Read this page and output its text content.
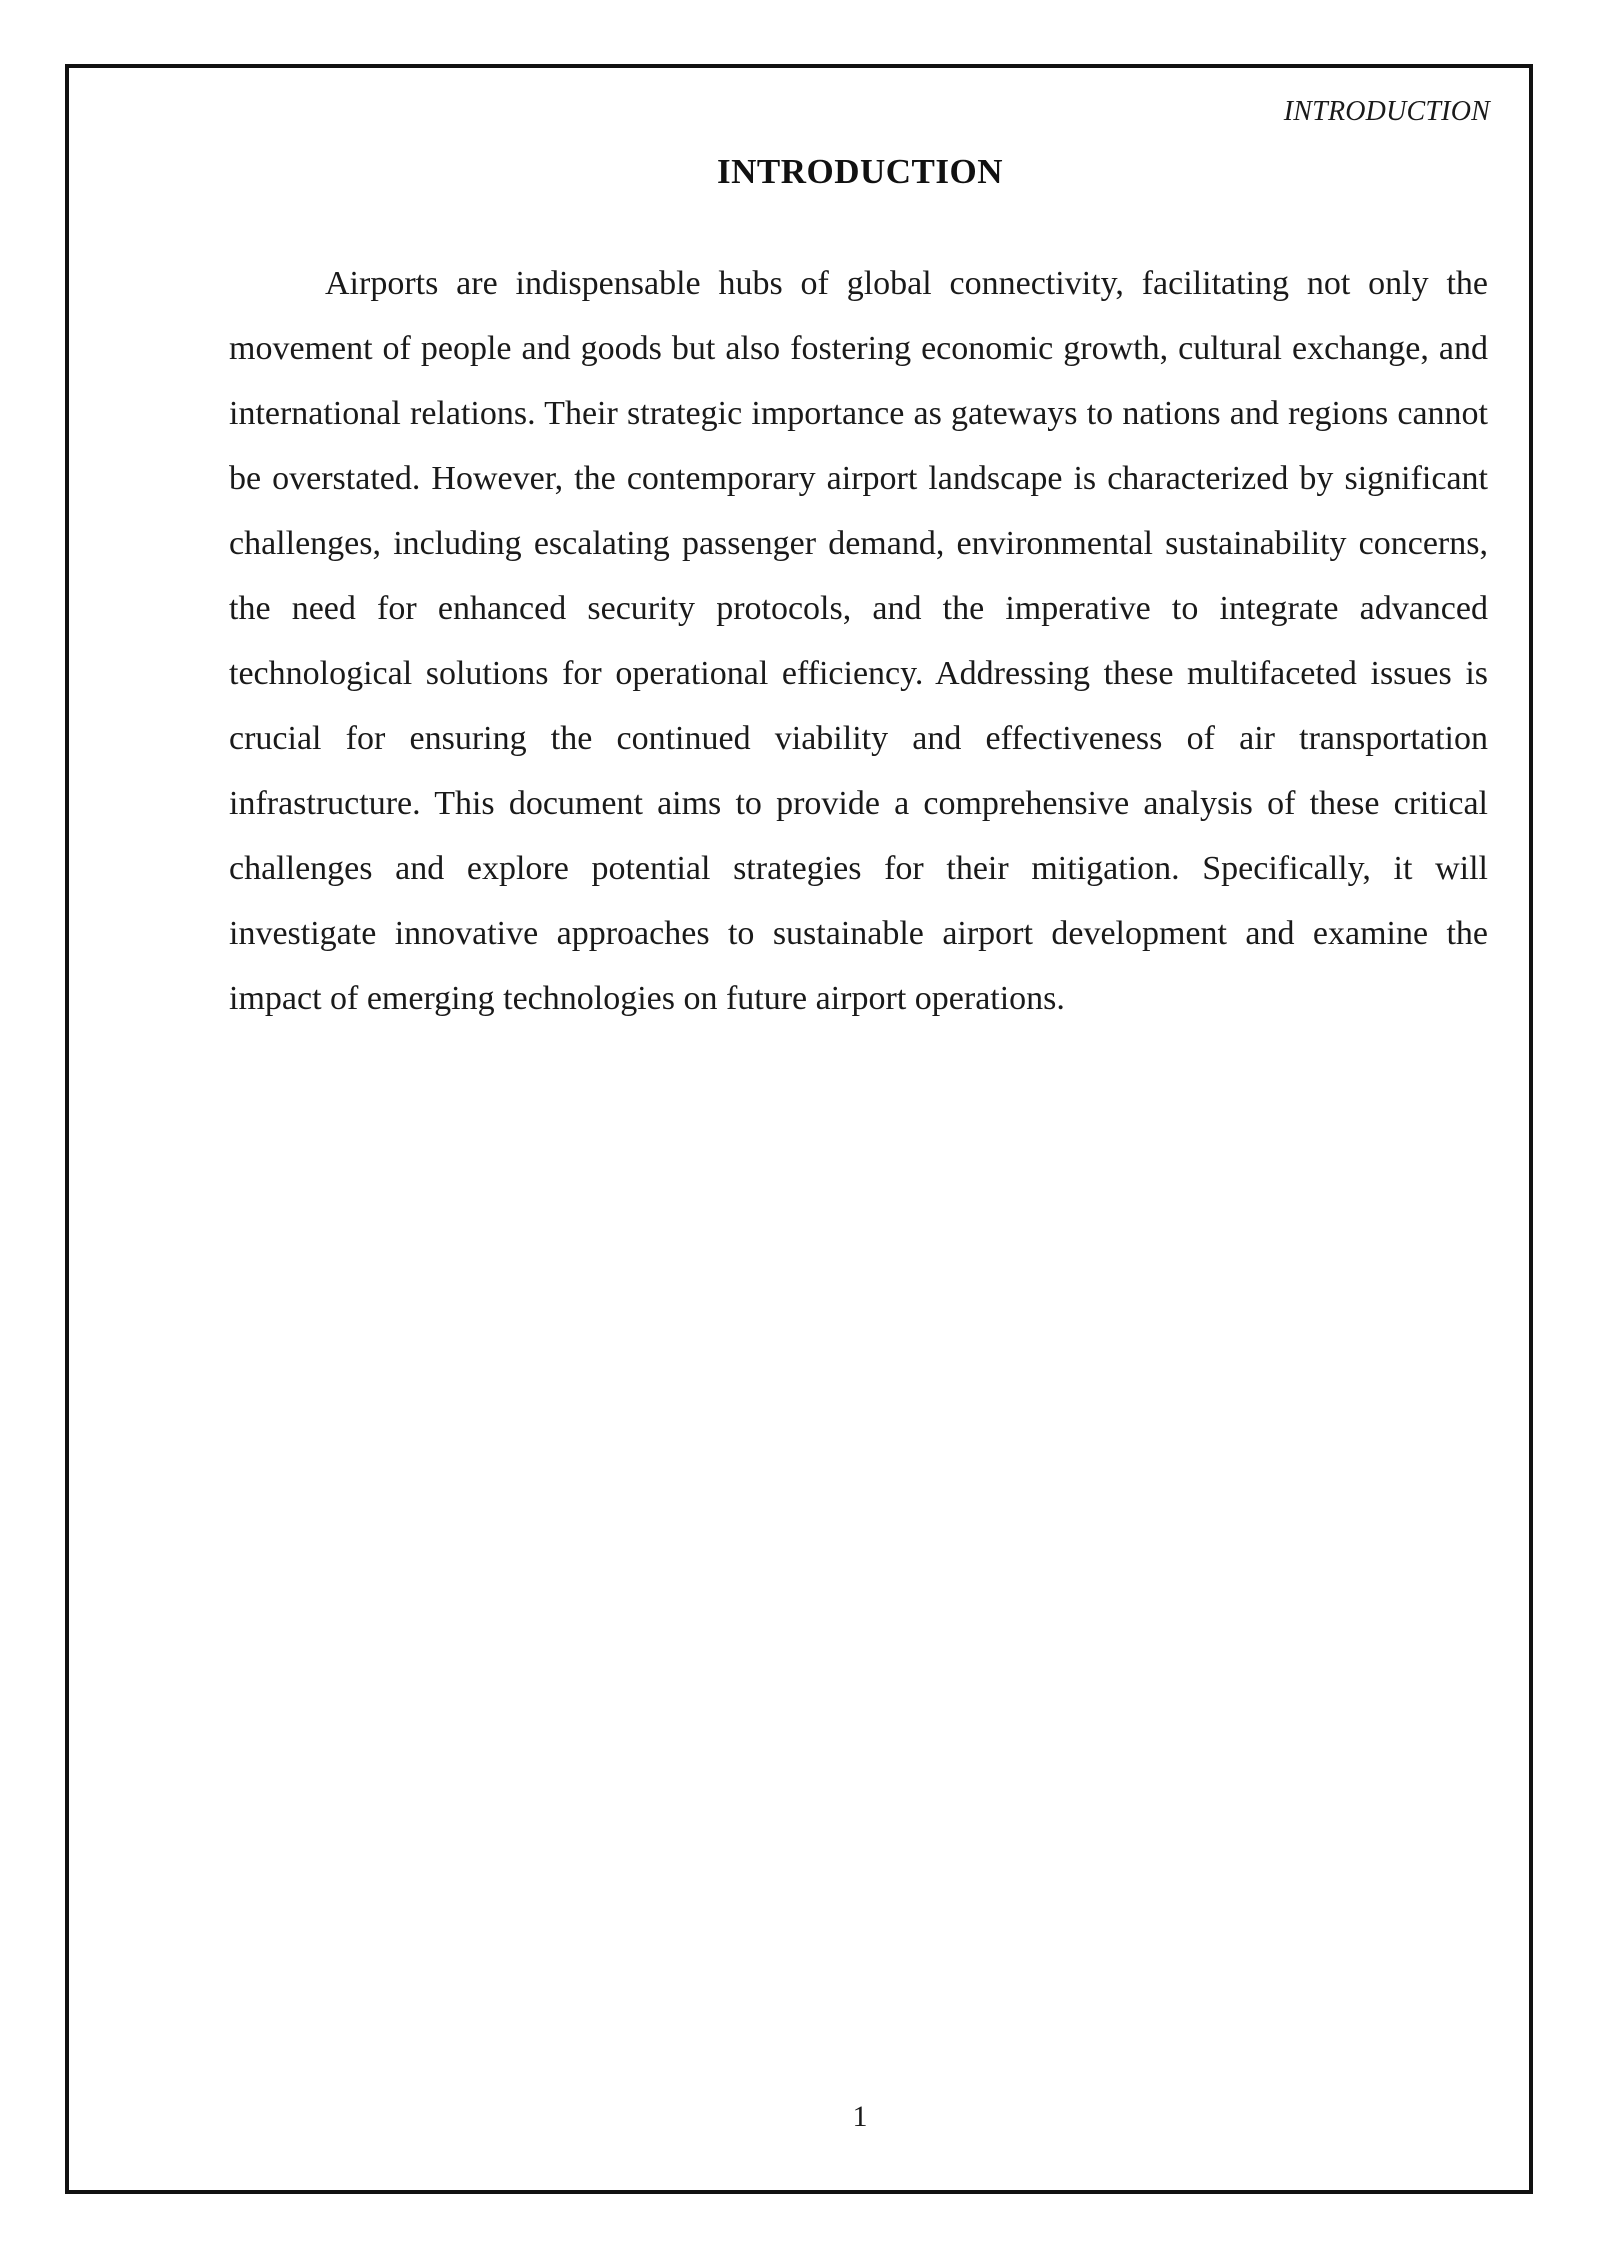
INTRODUCTION
INTRODUCTION

Airports are indispensable hubs of global connectivity, facilitating not only the movement of people and goods but also fostering economic growth, cultural exchange, and international relations. Their strategic importance as gateways to nations and regions cannot be overstated. However, the contemporary airport landscape is characterized by significant challenges, including escalating passenger demand, environmental sustainability concerns, the need for enhanced security protocols, and the imperative to integrate advanced technological solutions for operational efficiency. Addressing these multifaceted issues is crucial for ensuring the continued viability and effectiveness of air transportation infrastructure. This document aims to provide a comprehensive analysis of these critical challenges and explore potential strategies for their mitigation. Specifically, it will investigate innovative approaches to sustainable airport development and examine the impact of emerging technologies on future airport operations.

1
